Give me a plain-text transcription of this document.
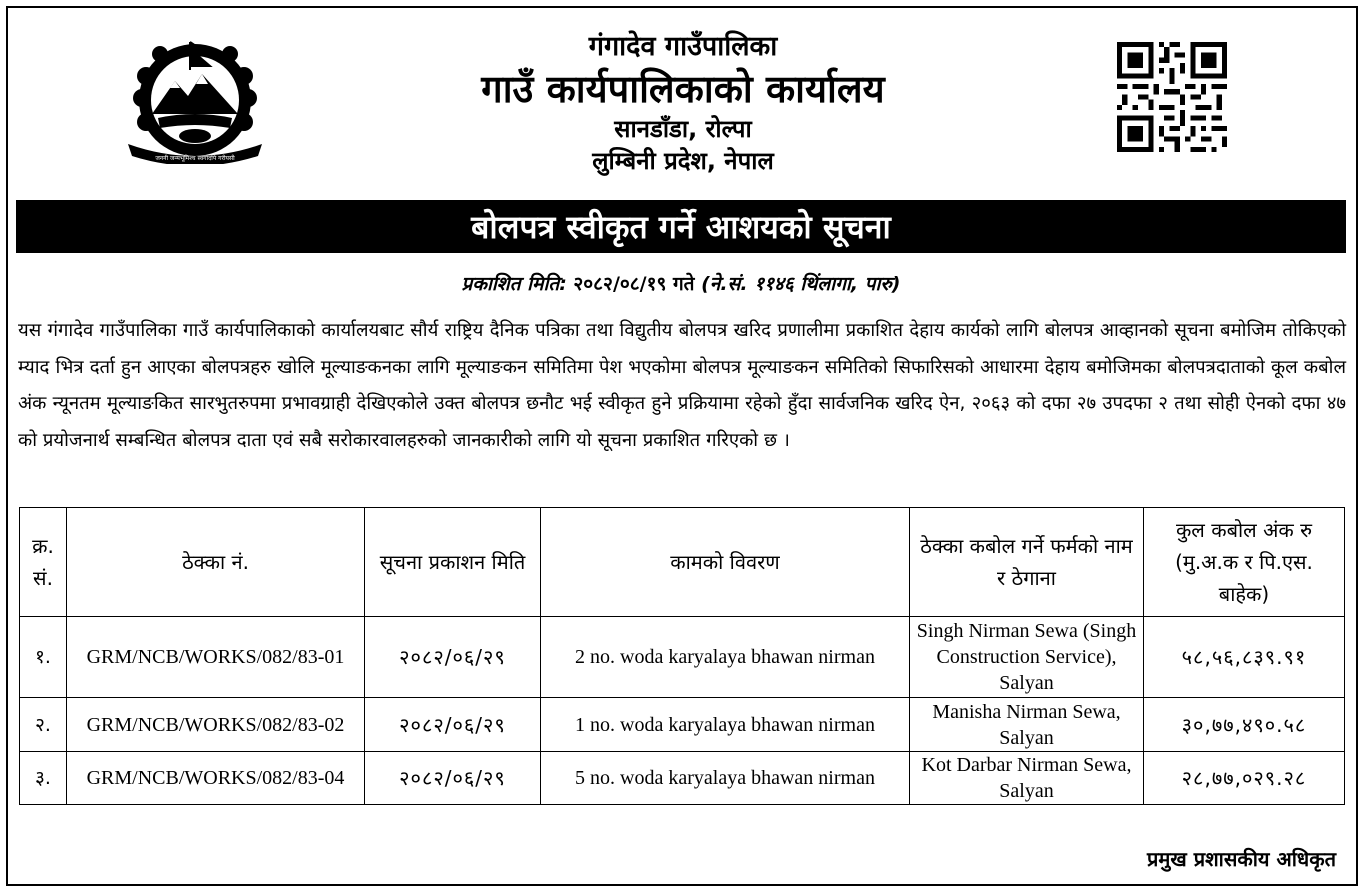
जननी जन्मभूमिश्च स्वर्गादपि गरीयसी
गंगादेव गाउँपालिका
गाउँ कार्यपालिकाको कार्यालय
सानडाँडा, रोल्पा
लुम्बिनी प्रदेश, नेपाल
बोलपत्र स्वीकृत गर्ने आशयको सूचना
प्रकाशित मिति: २०८२/०८/१९ गते (ने.सं. ११४६ थिंलागा, पारु)
यस गंगादेव गाउँपालिका गाउँ कार्यपालिकाको कार्यालयबाट सौर्य राष्ट्रिय दैनिक पत्रिका तथा विद्युतीय बोलपत्र खरिद प्रणालीमा प्रकाशित देहाय कार्यको लागि बोलपत्र आव्हानको सूचना बमोजिम तोकिएको म्याद भित्र दर्ता हुन आएका बोलपत्रहरु खोलि मूल्याङकनका लागि मूल्याङकन समितिमा पेश भएकोमा बोलपत्र मूल्याङकन समितिको सिफारिसको आधारमा देहाय बमोजिमका बोलपत्रदाताको कूल कबोल अंक न्यूनतम मूल्याङकित सारभुतरुपमा प्रभावग्राही देखिएकोले उक्त बोलपत्र छनौट भई स्वीकृत हुने प्रक्रियामा रहेको हुँदा सार्वजनिक खरिद ऐन, २०६३ को दफा २७ उपदफा २ तथा सोही ऐनको दफा ४७ को प्रयोजनार्थ सम्बन्धित बोलपत्र दाता एवं सबै सरोकारवालहरुको जानकारीको लागि यो सूचना प्रकाशित गरिएको छ ।
क्र. सं.	ठेक्का नं.	सूचना प्रकाशन मिति	कामको विवरण	ठेक्का कबोल गर्ने फर्मको नाम र ठेगाना	कुल कबोल अंक रु (मु.अ.क र पि.एस. बाहेक)
१.	GRM/NCB/WORKS/082/83-01	२०८२/०६/२९	2 no. woda karyalaya bhawan nirman	Singh Nirman Sewa (Singh Construction Service), Salyan	५८,५६,८३९.९१
२.	GRM/NCB/WORKS/082/83-02	२०८२/०६/२९	1 no. woda karyalaya bhawan nirman	Manisha Nirman Sewa, Salyan	३०,७७,४९०.५८
३.	GRM/NCB/WORKS/082/83-04	२०८२/०६/२९	5 no. woda karyalaya bhawan nirman	Kot Darbar Nirman Sewa, Salyan	२८,७७,०२९.२८
प्रमुख प्रशासकीय अधिकृत
